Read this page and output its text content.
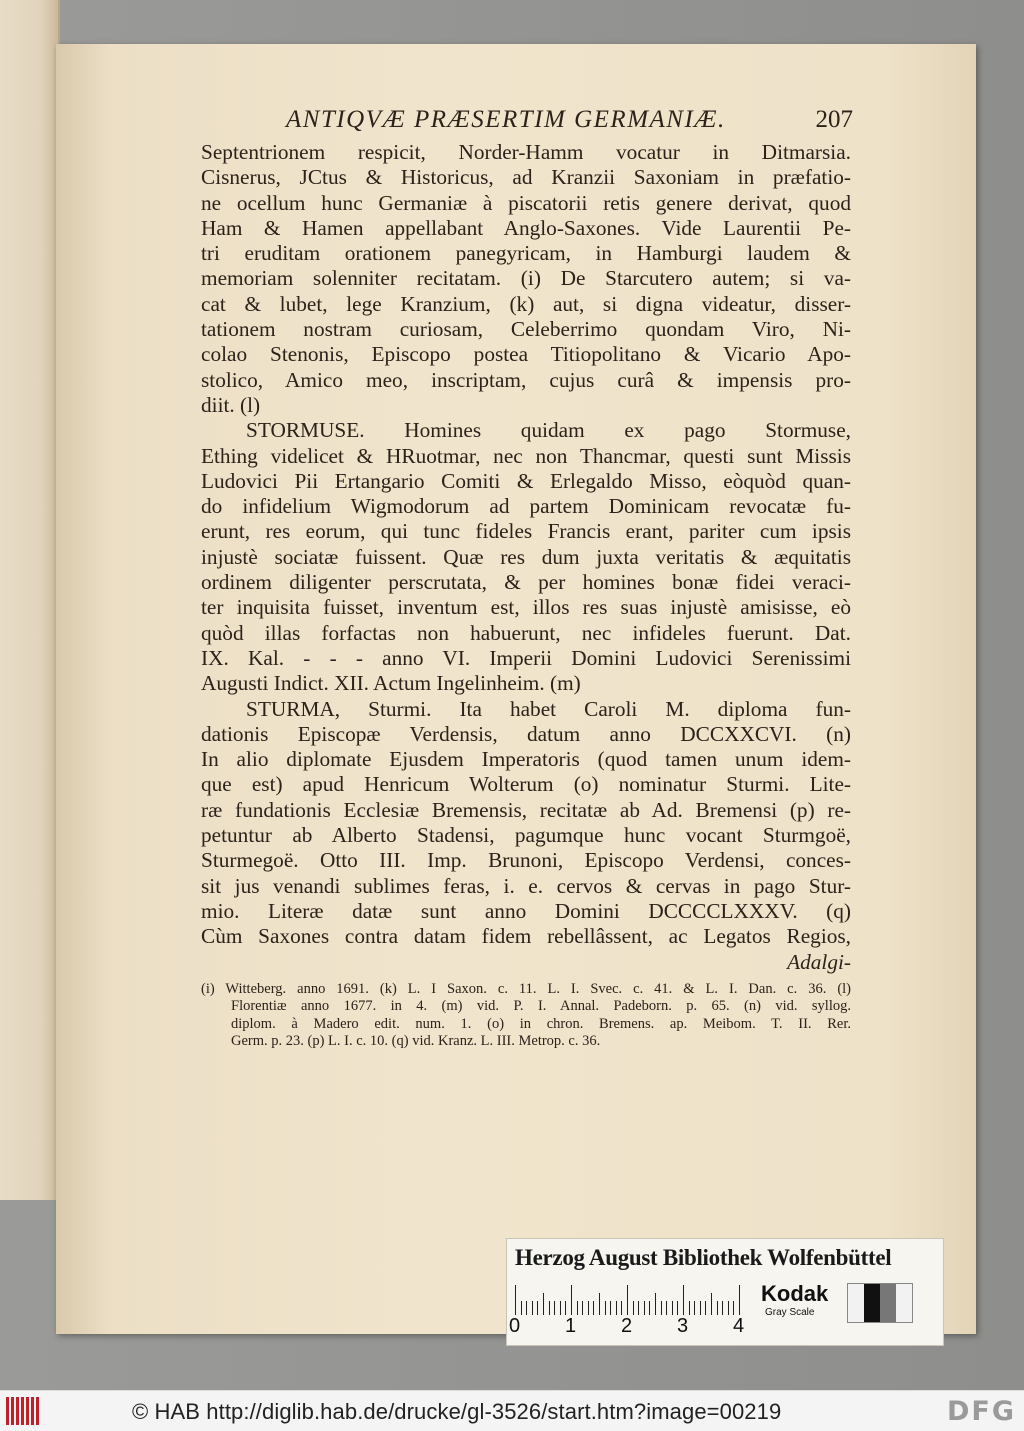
ANTIQVÆ PRÆSERTIM GERMANIÆ.	207
Septentrionem respicit, Norder-Hamm vocatur in Ditmarsia.
Cisnerus, JCtus & Historicus, ad Kranzii Saxoniam in præfatio-
ne ocellum hunc Germaniæ à piscatorii retis genere derivat, quod
Ham & Hamen appellabant Anglo-Saxones. Vide Laurentii Pe-
tri eruditam orationem panegyricam, in Hamburgi laudem &
memoriam solenniter recitatam. (i) De Starcutero autem; si va-
cat & lubet, lege Kranzium, (k) aut, si digna videatur, disser-
tationem nostram curiosam, Celeberrimo quondam Viro, Ni-
colao Stenonis, Episcopo postea Titiopolitano & Vicario Apo-
stolico, Amico meo, inscriptam, cujus curâ & impensis pro-
diit. (l)
STORMUSE. Homines quidam ex pago Stormuse,
Ething videlicet & HRuotmar, nec non Thancmar, questi sunt Missis
Ludovici Pii Ertangario Comiti & Erlegaldo Misso, eòquòd quan-
do infidelium Wigmodorum ad partem Dominicam revocatæ fu-
erunt, res eorum, qui tunc fideles Francis erant, pariter cum ipsis
injustè sociatæ fuissent. Quæ res dum juxta veritatis & æquitatis
ordinem diligenter perscrutata, & per homines bonæ fidei veraci-
ter inquisita fuisset, inventum est, illos res suas injustè amisisse, eò
quòd illas forfactas non habuerunt, nec infideles fuerunt. Dat.
IX. Kal. - - - anno VI. Imperii Domini Ludovici Serenissimi
Augusti Indict. XII. Actum Ingelinheim. (m)
STURMA, Sturmi. Ita habet Caroli M. diploma fun-
dationis Episcopæ Verdensis, datum anno DCCXXCVI. (n)
In alio diplomate Ejusdem Imperatoris (quod tamen unum idem-
que est) apud Henricum Wolterum (o) nominatur Sturmi. Lite-
ræ fundationis Ecclesiæ Bremensis, recitatæ ab Ad. Bremensi (p) re-
petuntur ab Alberto Stadensi, pagumque hunc vocant Sturmgoë,
Sturmegoë. Otto III. Imp. Brunoni, Episcopo Verdensi, conces-
sit jus venandi sublimes feras, i. e. cervos & cervas in pago Stur-
mio. Literæ datæ sunt anno Domini DCCCCLXXXV. (q)
Cùm Saxones contra datam fidem rebellâssent, ac Legatos Regios,
Adalgi-
(i) Witteberg. anno 1691. (k) L. I Saxon. c. 11. L. I. Svec. c. 41. & L. I. Dan. c. 36. (l)
Florentiæ anno 1677. in 4. (m) vid. P. I. Annal. Padeborn. p. 65. (n) vid. syllog.
diplom. à Madero edit. num. 1. (o) in chron. Bremens. ap. Meibom. T. II. Rer.
Germ. p. 23. (p) L. I. c. 10. (q) vid. Kranz. L. III. Metrop. c. 36.
Herzog August Bibliothek Wolfenbüttel
0 1 2 3 4
Kodak
Gray Scale
© HAB http://diglib.hab.de/drucke/gl-3526/start.htm?image=00219	DFG
